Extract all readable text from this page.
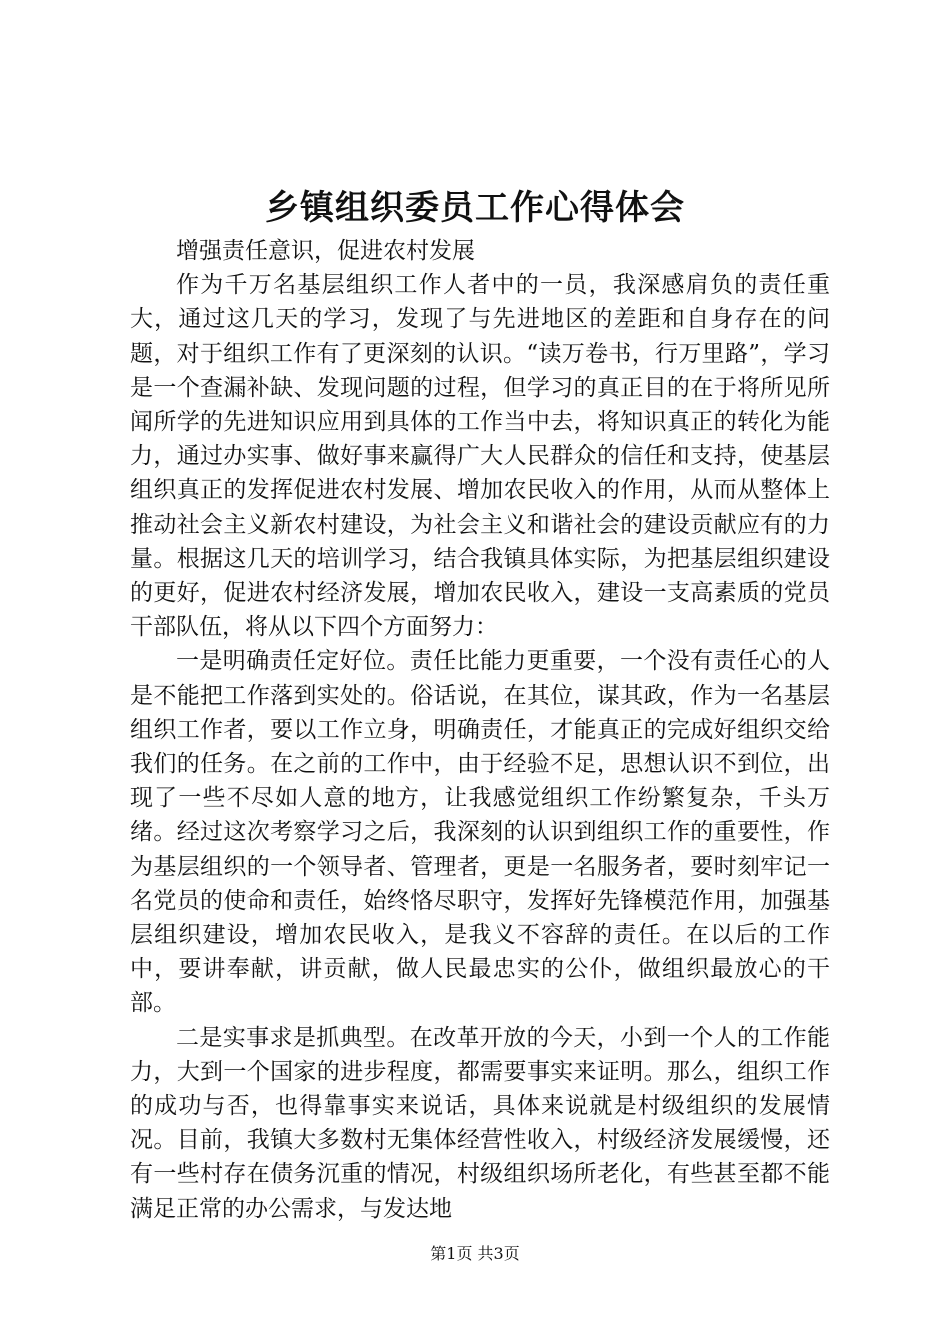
乡镇组织委员工作心得体会

增强责任意识，促进农村发展

作为千万名基层组织工作人者中的一员，我深感肩负的责任重大，通过这几天的学习，发现了与先进地区的差距和自身存在的问题，对于组织工作有了更深刻的认识。“读万卷书，行万里路”，学习是一个查漏补缺、发现问题的过程，但学习的真正目的在于将所见所闻所学的先进知识应用到具体的工作当中去，将知识真正的转化为能力，通过办实事、做好事来赢得广大人民群众的信任和支持，使基层组织真正的发挥促进农村发展、增加农民收入的作用，从而从整体上推动社会主义新农村建设，为社会主义和谐社会的建设贡献应有的力量。根据这几天的培训学习，结合我镇具体实际，为把基层组织建设的更好，促进农村经济发展，增加农民收入，建设一支高素质的党员干部队伍，将从以下四个方面努力：

一是明确责任定好位。责任比能力更重要，一个没有责任心的人是不能把工作落到实处的。俗话说，在其位，谋其政，作为一名基层组织工作者，要以工作立身，明确责任，才能真正的完成好组织交给我们的任务。在之前的工作中，由于经验不足，思想认识不到位，出现了一些不尽如人意的地方，让我感觉组织工作纷繁复杂，千头万绪。经过这次考察学习之后，我深刻的认识到组织工作的重要性，作为基层组织的一个领导者、管理者，更是一名服务者，要时刻牢记一名党员的使命和责任，始终恪尽职守，发挥好先锋模范作用，加强基层组织建设，增加农民收入，是我义不容辞的责任。在以后的工作中，要讲奉献，讲贡献，做人民最忠实的公仆，做组织最放心的干部。

二是实事求是抓典型。在改革开放的今天，小到一个人的工作能力，大到一个国家的进步程度，都需要事实来证明。那么，组织工作的成功与否，也得靠事实来说话，具体来说就是村级组织的发展情况。目前，我镇大多数村无集体经营性收入，村级经济发展缓慢，还有一些村存在债务沉重的情况，村级组织场所老化，有些甚至都不能满足正常的办公需求，与发达地

第1页 共3页
